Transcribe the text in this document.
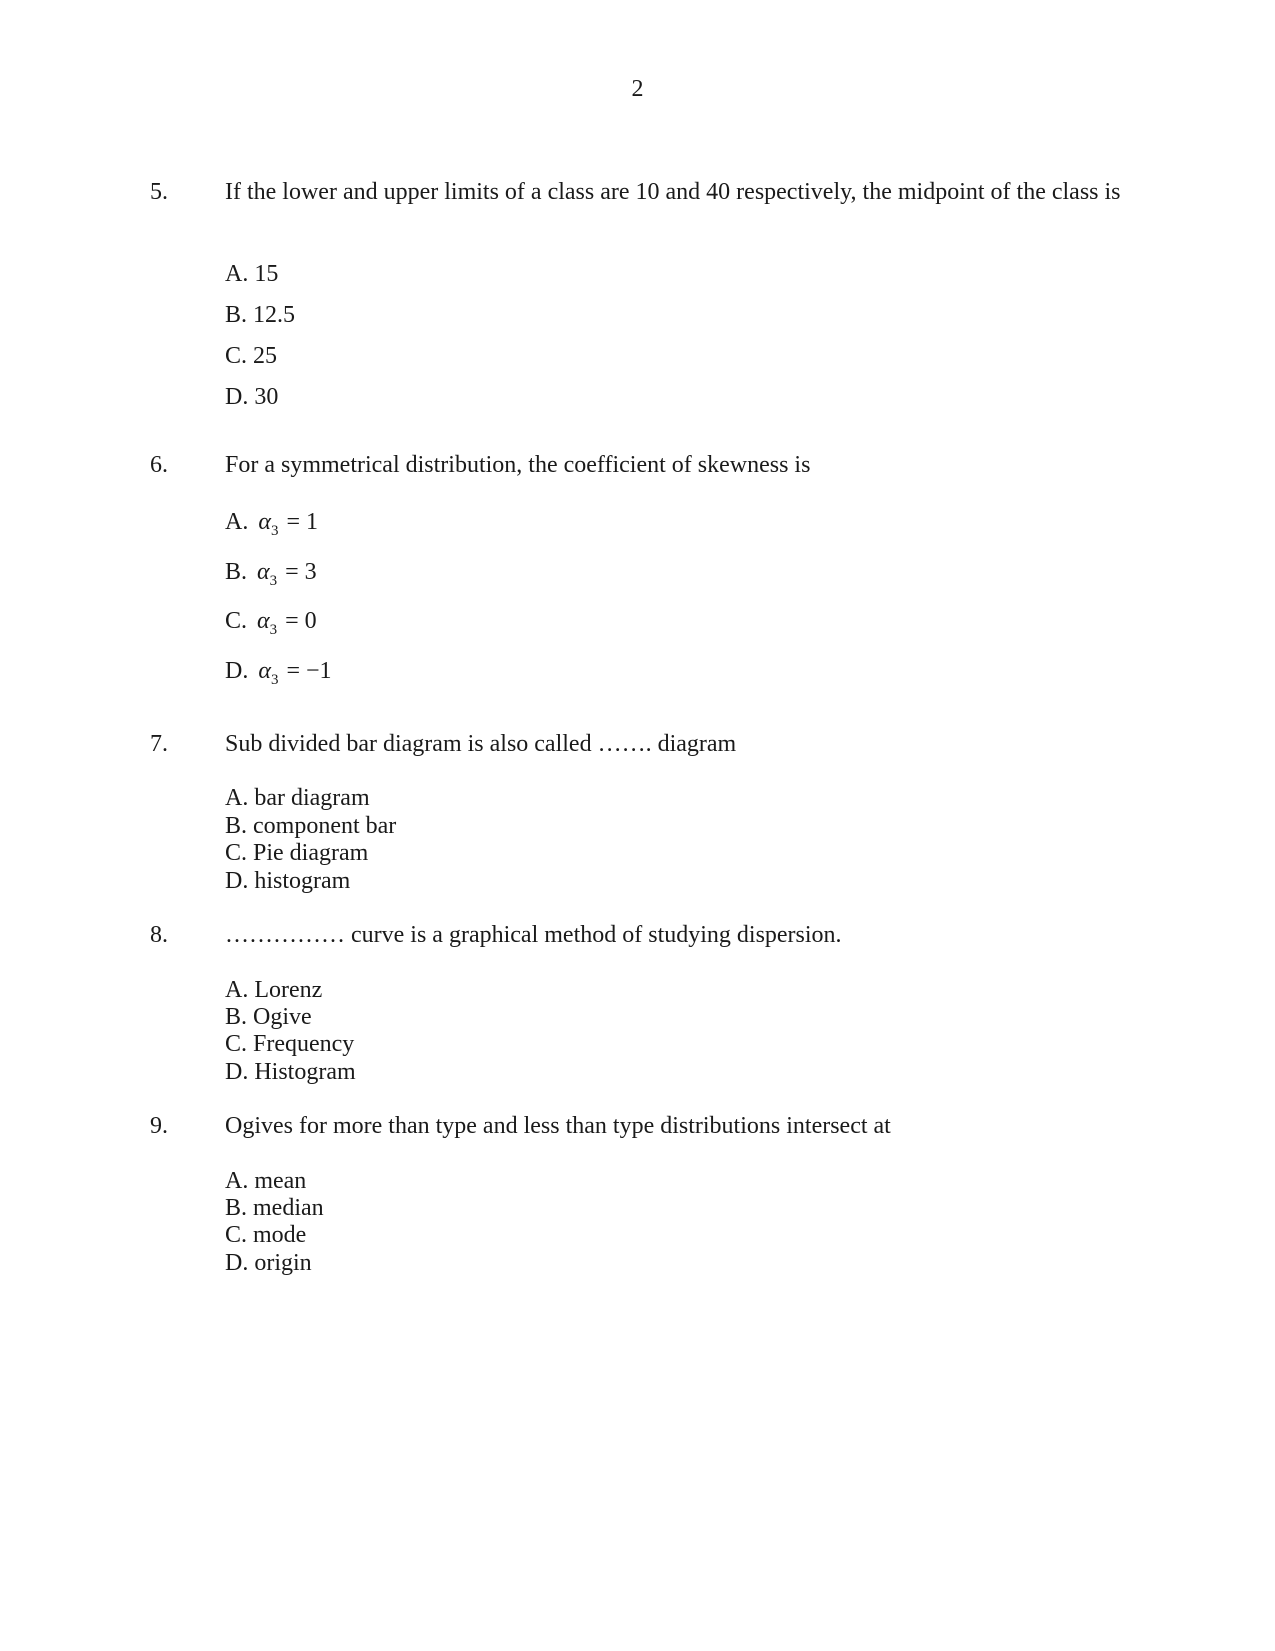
2
5.	If the lower and upper limits of a class are 10 and 40 respectively, the midpoint of the class is
A. 15
B. 12.5
C. 25
D. 30
6.	For a symmetrical distribution, the coefficient of skewness is
A. $\alpha_3 = 1$
B. $\alpha_3 = 3$
C. $\alpha_3 = 0$
D. $\alpha_3 = -1$
7.	Sub divided bar diagram is also called ……. diagram
A. bar diagram
B. component bar
C. Pie diagram
D. histogram
8.	…………… curve is a graphical method of studying dispersion.
A. Lorenz
B. Ogive
C. Frequency
D. Histogram
9.	Ogives for more than type and less than type distributions intersect at
A. mean
B. median
C. mode
D. origin
